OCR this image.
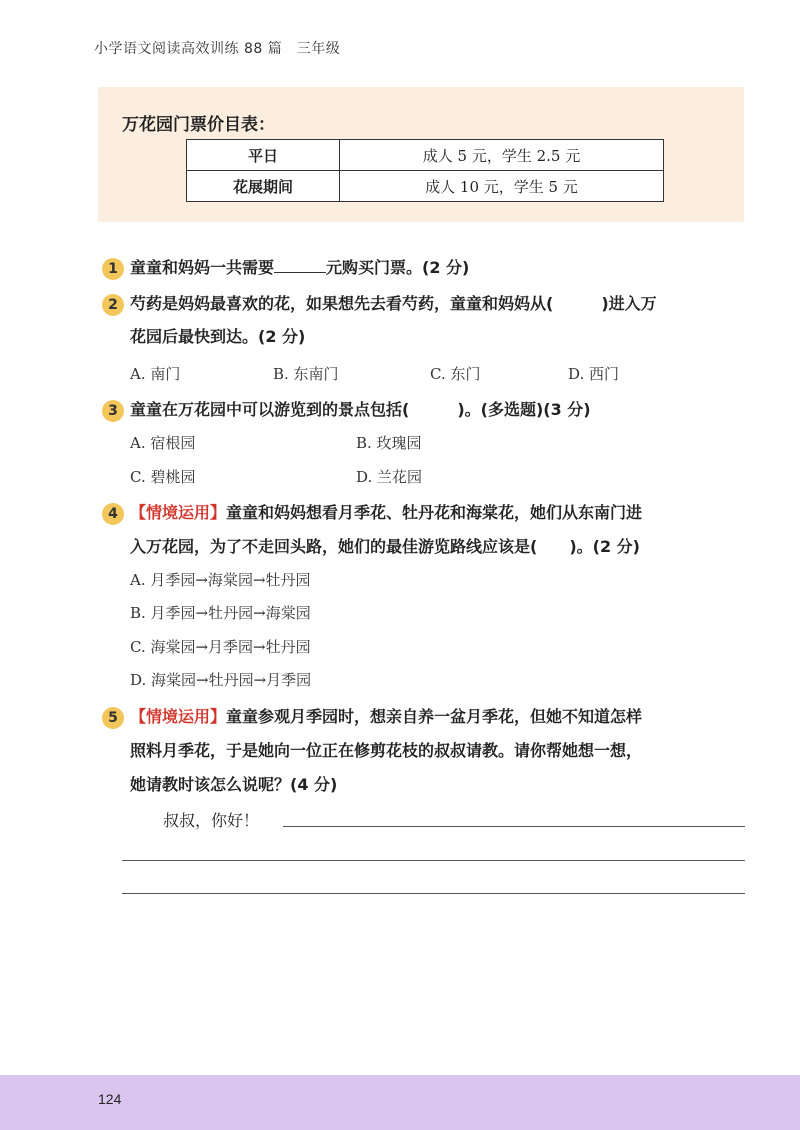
小学语文阅读高效训练 88 篇　三年级
万花园门票价目表：
平日	成人 5 元，学生 2.5 元
花展期间	成人 10 元，学生 5 元
1 童童和妈妈一共需要	元购买门票。(2 分)
2 芍药是妈妈最喜欢的花，如果想先去看芍药，童童和妈妈从(　　　)进入万
花园后最快到达。(2 分)
A. 南门	B. 东南门	C. 东门	D. 西门
3 童童在万花园中可以游览到的景点包括(　　　)。(多选题)(3 分)
A. 宿根园	B. 玫瑰园
C. 碧桃园	D. 兰花园
4 【情境运用】童童和妈妈想看月季花、牡丹花和海棠花，她们从东南门进
入万花园，为了不走回头路，她们的最佳游览路线应该是(　　)。(2 分)
A. 月季园→海棠园→牡丹园
B. 月季园→牡丹园→海棠园
C. 海棠园→月季园→牡丹园
D. 海棠园→牡丹园→月季园
5 【情境运用】童童参观月季园时，想亲自养一盆月季花，但她不知道怎样
照料月季花，于是她向一位正在修剪花枝的叔叔请教。请你帮她想一想，
她请教时该怎么说呢？(4 分)
叔叔，你好！
124
